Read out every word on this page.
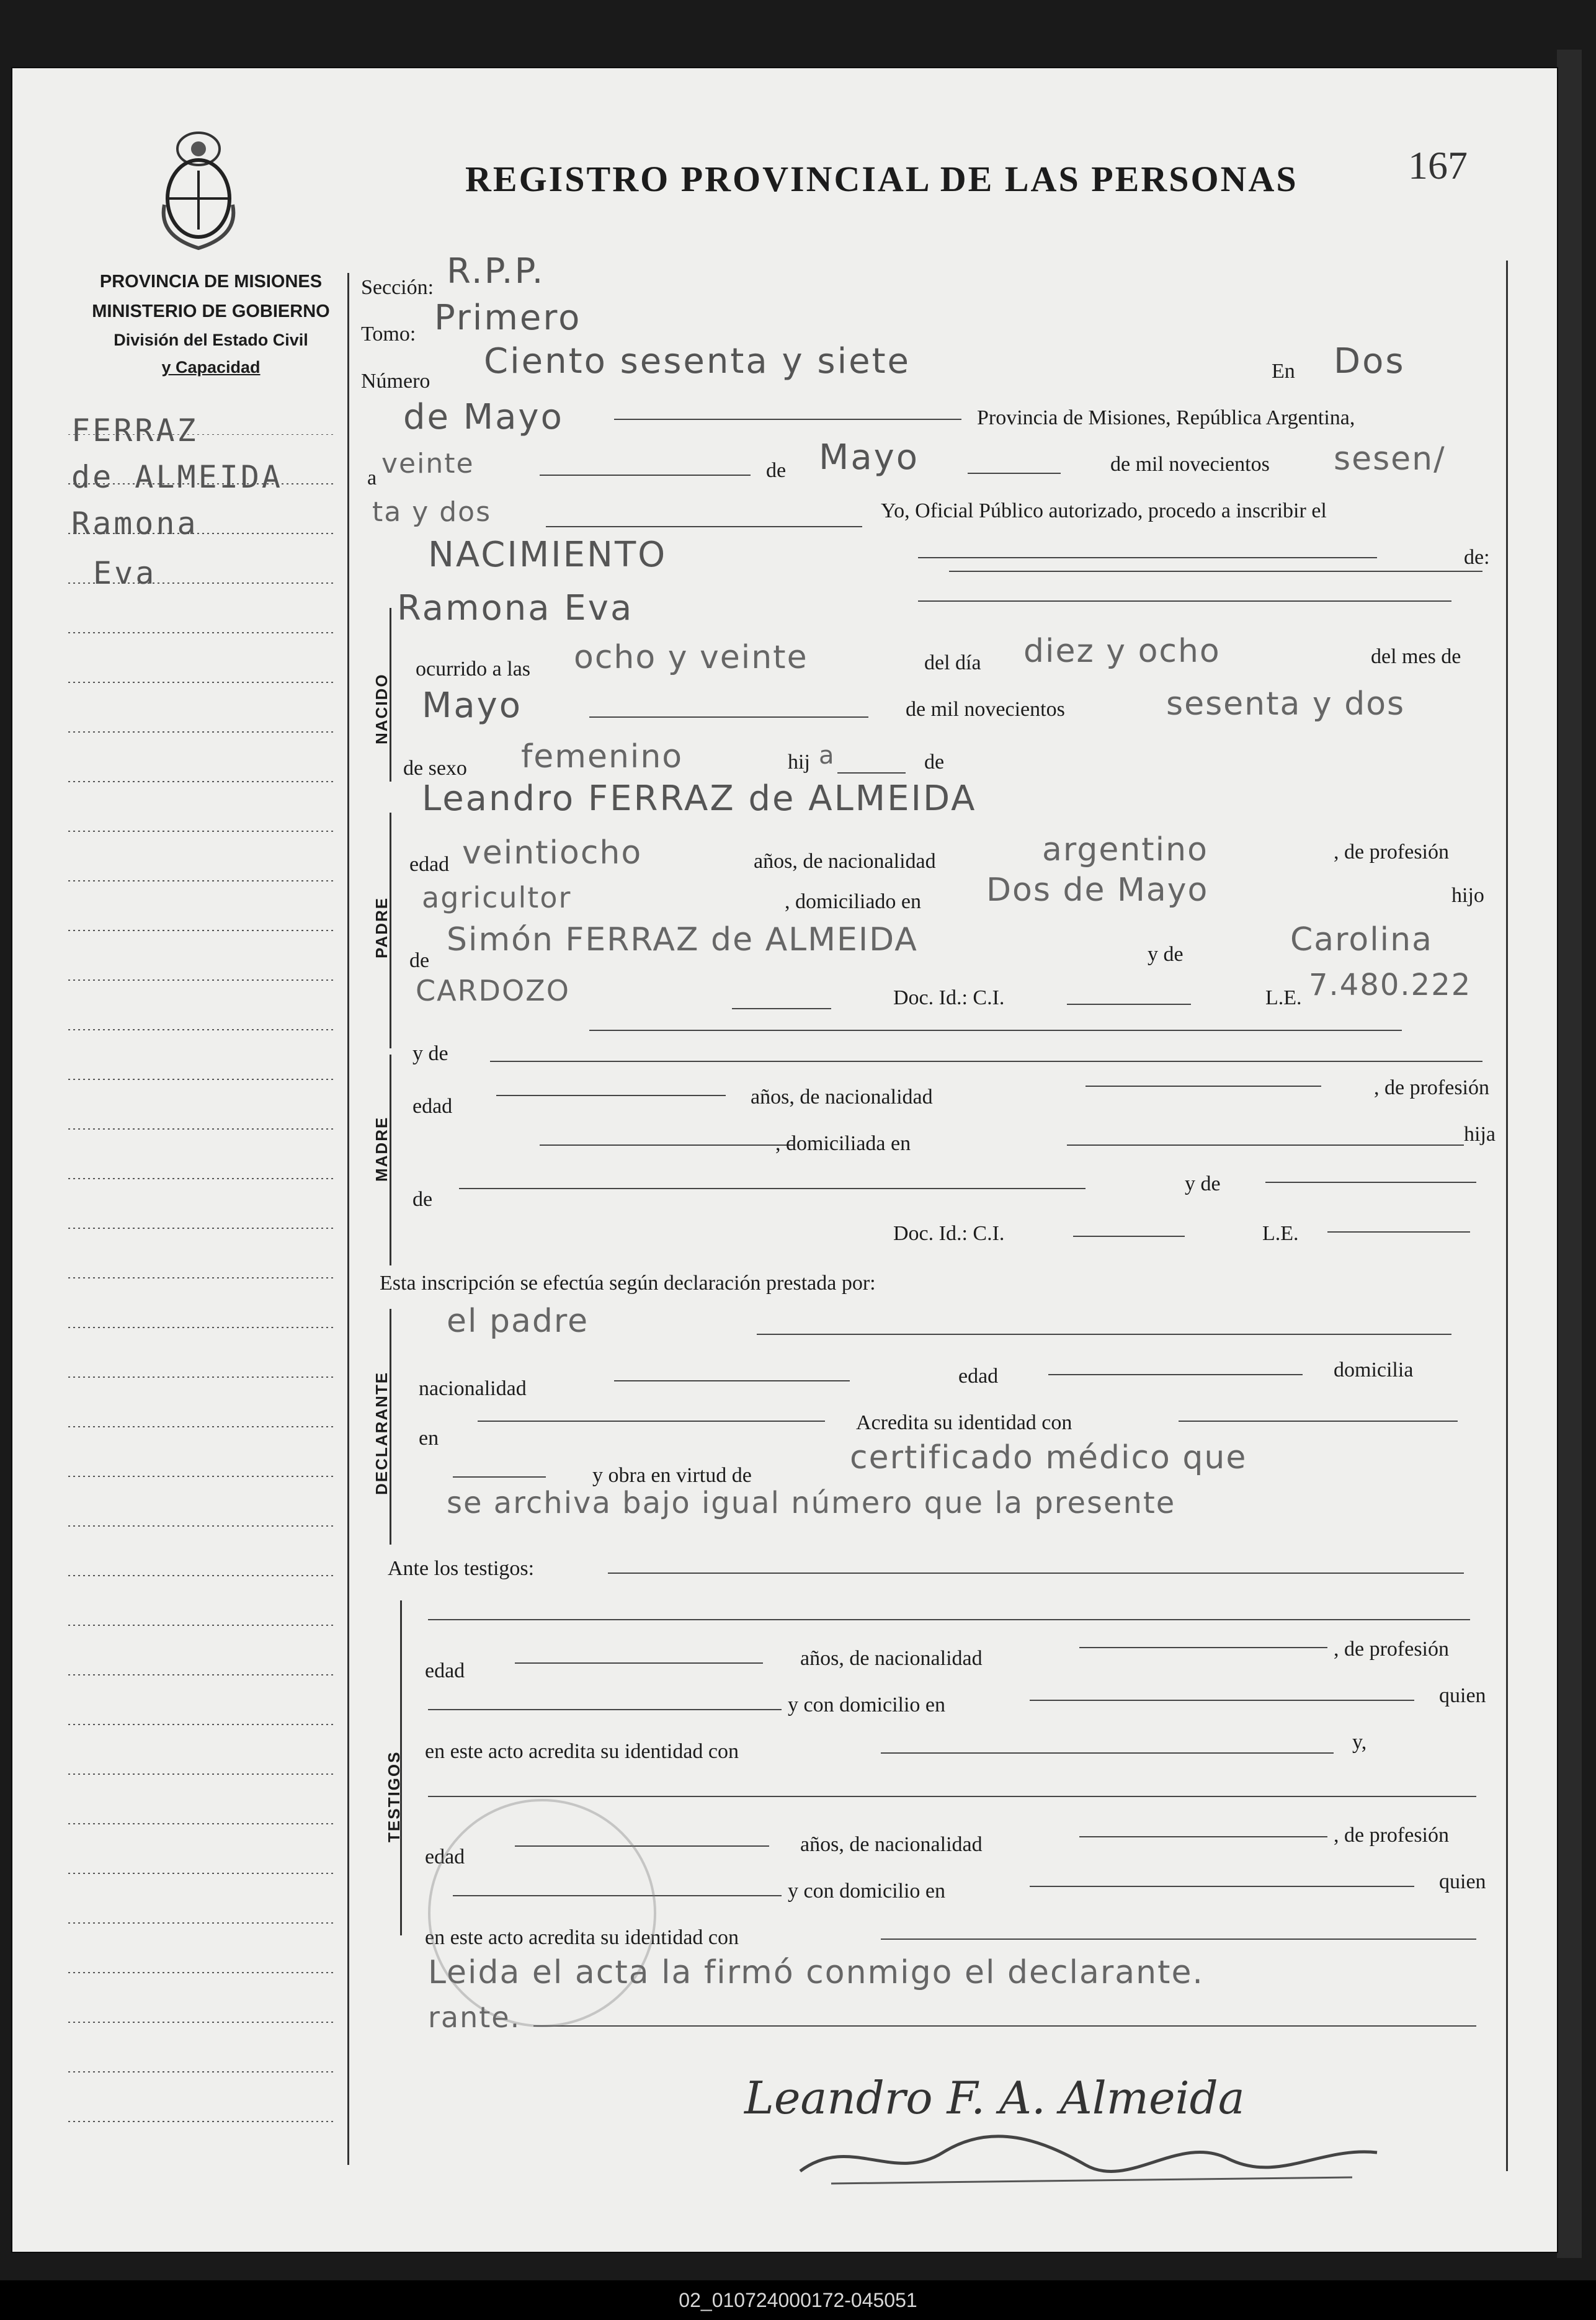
REGISTRO PROVINCIAL DE LAS PERSONAS	167
PROVINCIA DE MISIONES
MINISTERIO DE GOBIERNO
División del Estado Civil
y Capacidad
FERRAZ
de ALMEIDA
Ramona
Eva
Sección: R.P.P.
Tomo: Primero
Número Ciento sesenta y siete	En Dos
de Mayo	Provincia de Misiones, República Argentina,
a veinte	de Mayo	de mil novecientos sesen/
ta y dos	Yo, Oficial Público autorizado, procedo a inscribir el
NACIMIENTO	de:
NACIDO
Ramona Eva
ocurrido a las ocho y veinte	del día diez y ocho	del mes de
Mayo	de mil novecientos	sesenta y dos
de sexo femenino	hij a	de
PADRE
Leandro FERRAZ de ALMEIDA
edad veintiocho	años, de nacionalidad	argentino	, de profesión
agricultor	, domiciliado en Dos de Mayo	hijo
de
Simón FERRAZ de ALMEIDA	y de	Carolina
CARDOZO	Doc. Id.: C.I.	L.E. 7.480.222
MADRE
y de
edad	años, de nacionalidad	, de profesión
, domiciliada en	hija
de
y de
Doc. Id.: C.I.	L.E.
Esta inscripción se efectúa según declaración prestada por:
DECLARANTE
el padre
nacionalidad
edad	domicilia
en
Acredita su identidad con
y obra en virtud de	certificado médico que
se archiva bajo igual número que la presente
Ante los testigos:
TESTIGOS
edad
años, de nacionalidad	, de profesión
y con domicilio en	quien
en este acto acredita su identidad con	y,
edad
años, de nacionalidad	, de profesión
y con domicilio en	quien
en este acto acredita su identidad con
Leida el acta la firmó conmigo el declarante.
rante.
Leandro F. A. Almeida
02_010724000172-045051
